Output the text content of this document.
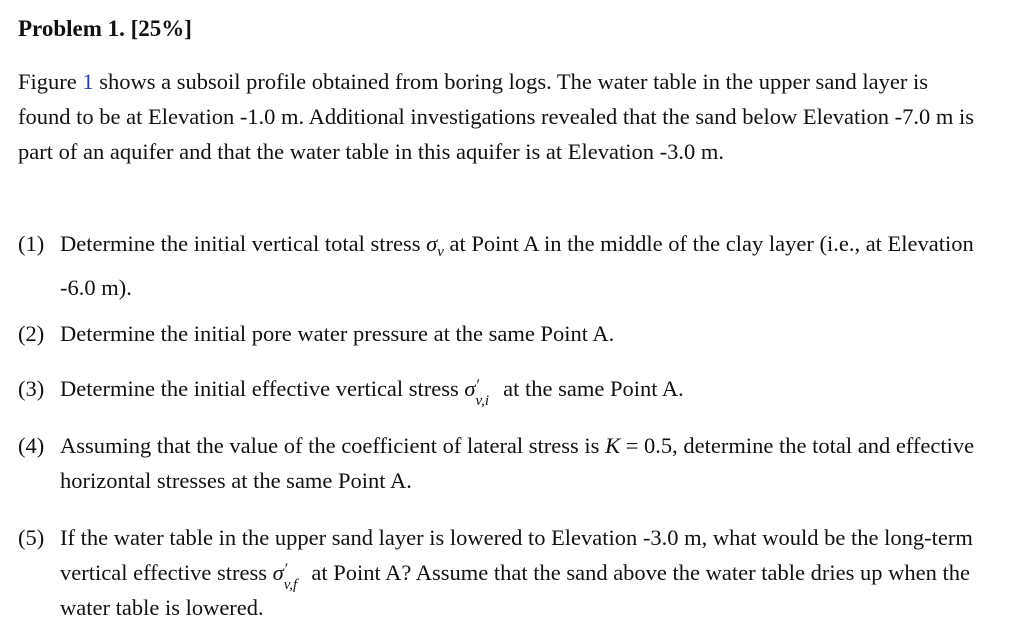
Problem 1. [25%]

Figure 1 shows a subsoil profile obtained from boring logs. The water table in the upper sand layer is found to be at Elevation -1.0 m. Additional investigations revealed that the sand below Elevation -7.0 m is part of an aquifer and that the water table in this aquifer is at Elevation -3.0 m.

(1) Determine the initial vertical total stress $\sigma_v$ at Point A in the middle of the clay layer (i.e., at Elevation -6.0 m).
(2) Determine the initial pore water pressure at the same Point A.
(3) Determine the initial effective vertical stress σ ′
v,i at the same Point A.
(4) Assuming that the value of the coefficient of lateral stress is K = 0.5, determine the total and effective horizontal stresses at the same Point A.
(5) If the water table in the upper sand layer is lowered to Elevation -3.0 m, what would be the long-term vertical effective stress σ ′
v,f at Point A? Assume that the sand above the water table dries up when the water table is lowered.
